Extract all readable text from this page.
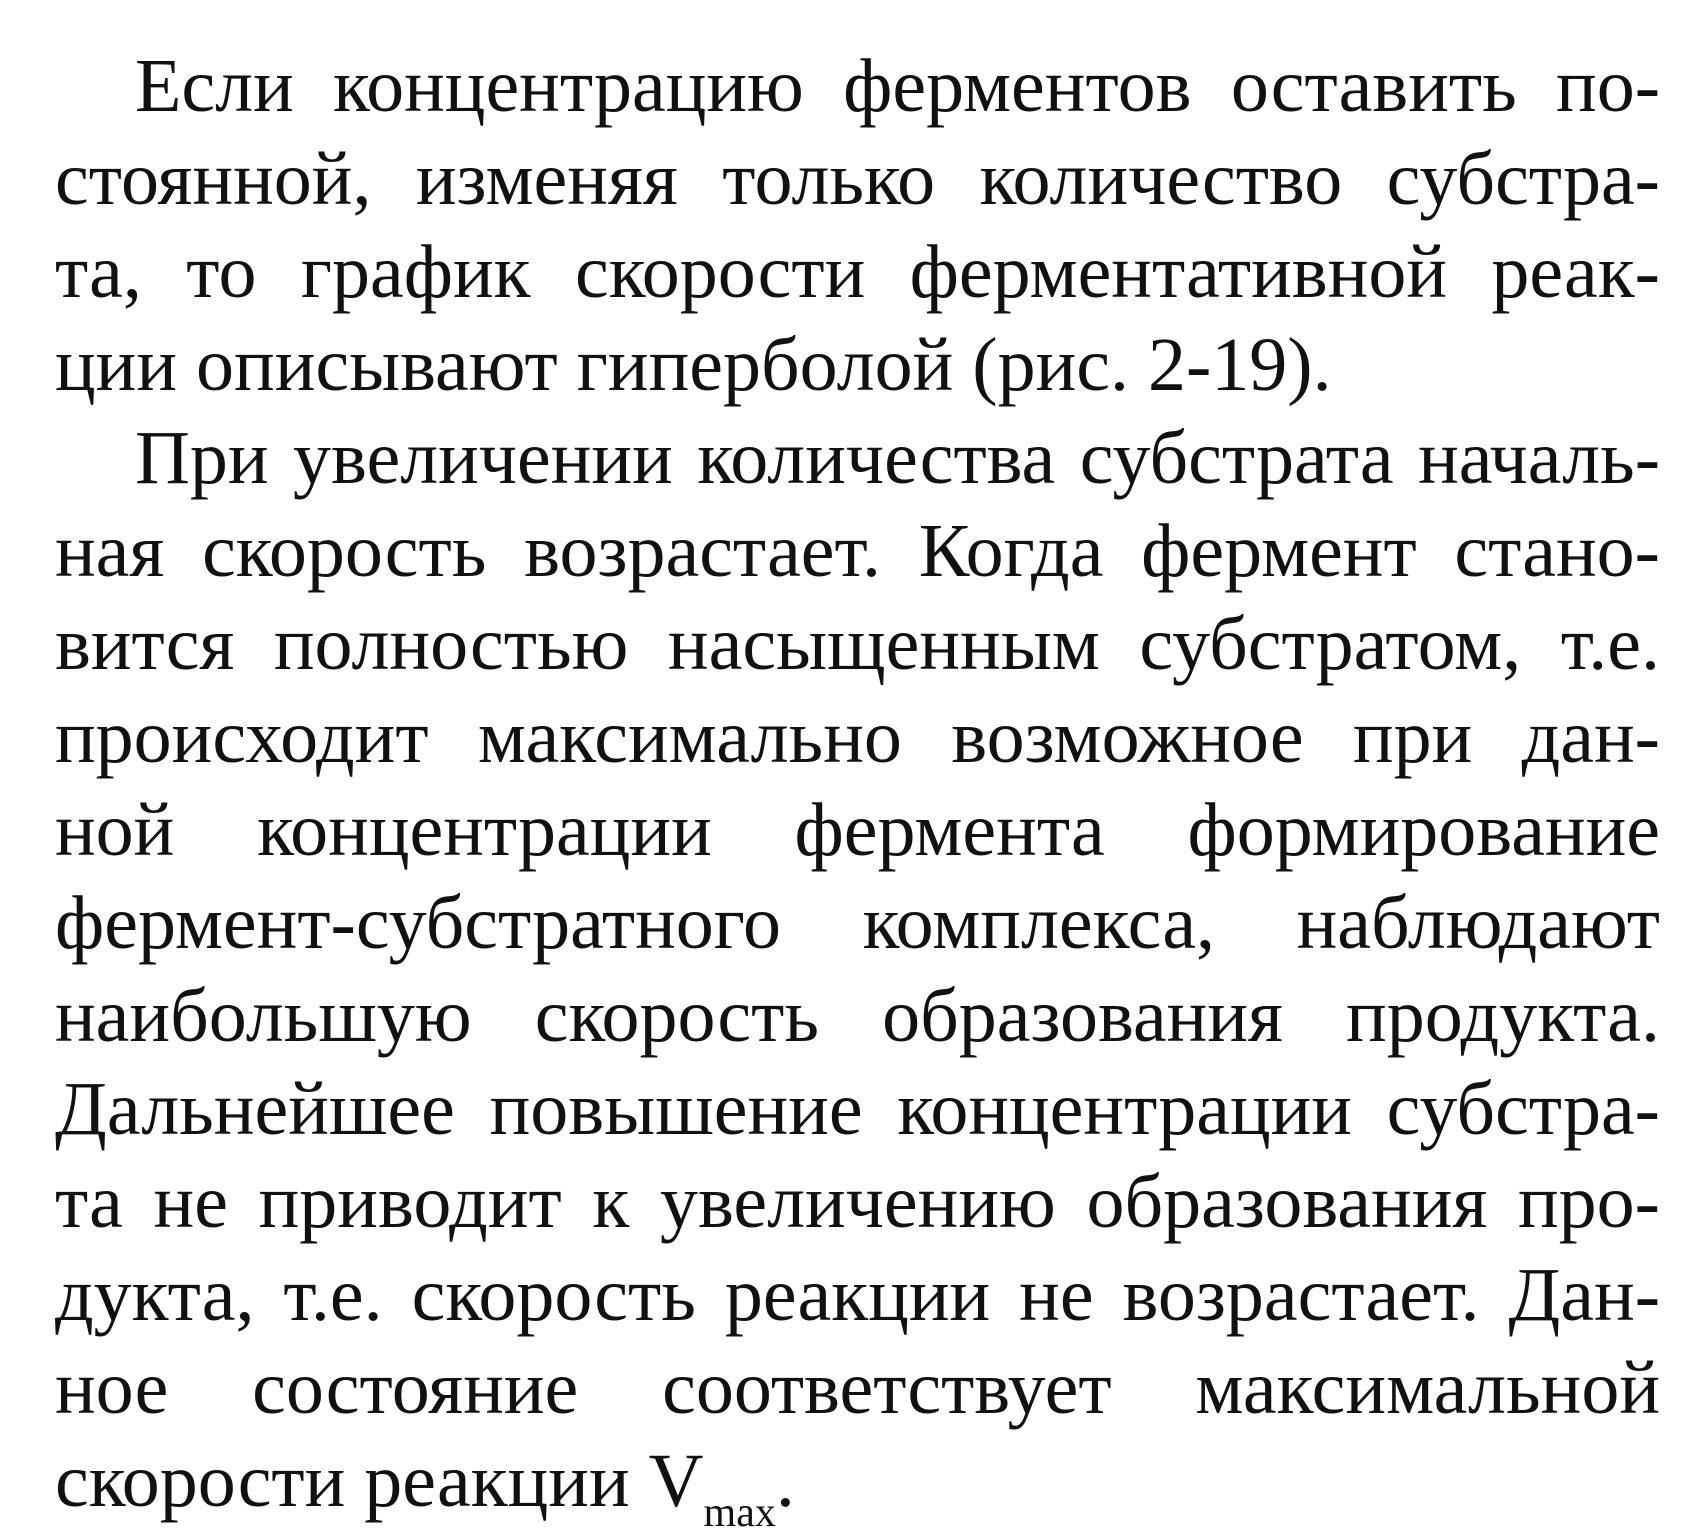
Если концентрацию ферментов оставить по-
стоянной, изменяя только количество субстра-
та, то график скорости ферментативной реак-
ции описывают гиперболой (рис. 2-19).
При увеличении количества субстрата началь-
ная скорость возрастает. Когда фермент стано-
вится полностью насыщенным субстратом, т.е.
происходит максимально возможное при дан-
ной концентрации фермента формирование
фермент-субстратного комплекса, наблюдают
наибольшую скорость образования продукта.
Дальнейшее повышение концентрации субстра-
та не приводит к увеличению образования про-
дукта, т.е. скорость реакции не возрастает. Дан-
ное состояние соответствует максимальной
скорости реакции $V_{max}$.
